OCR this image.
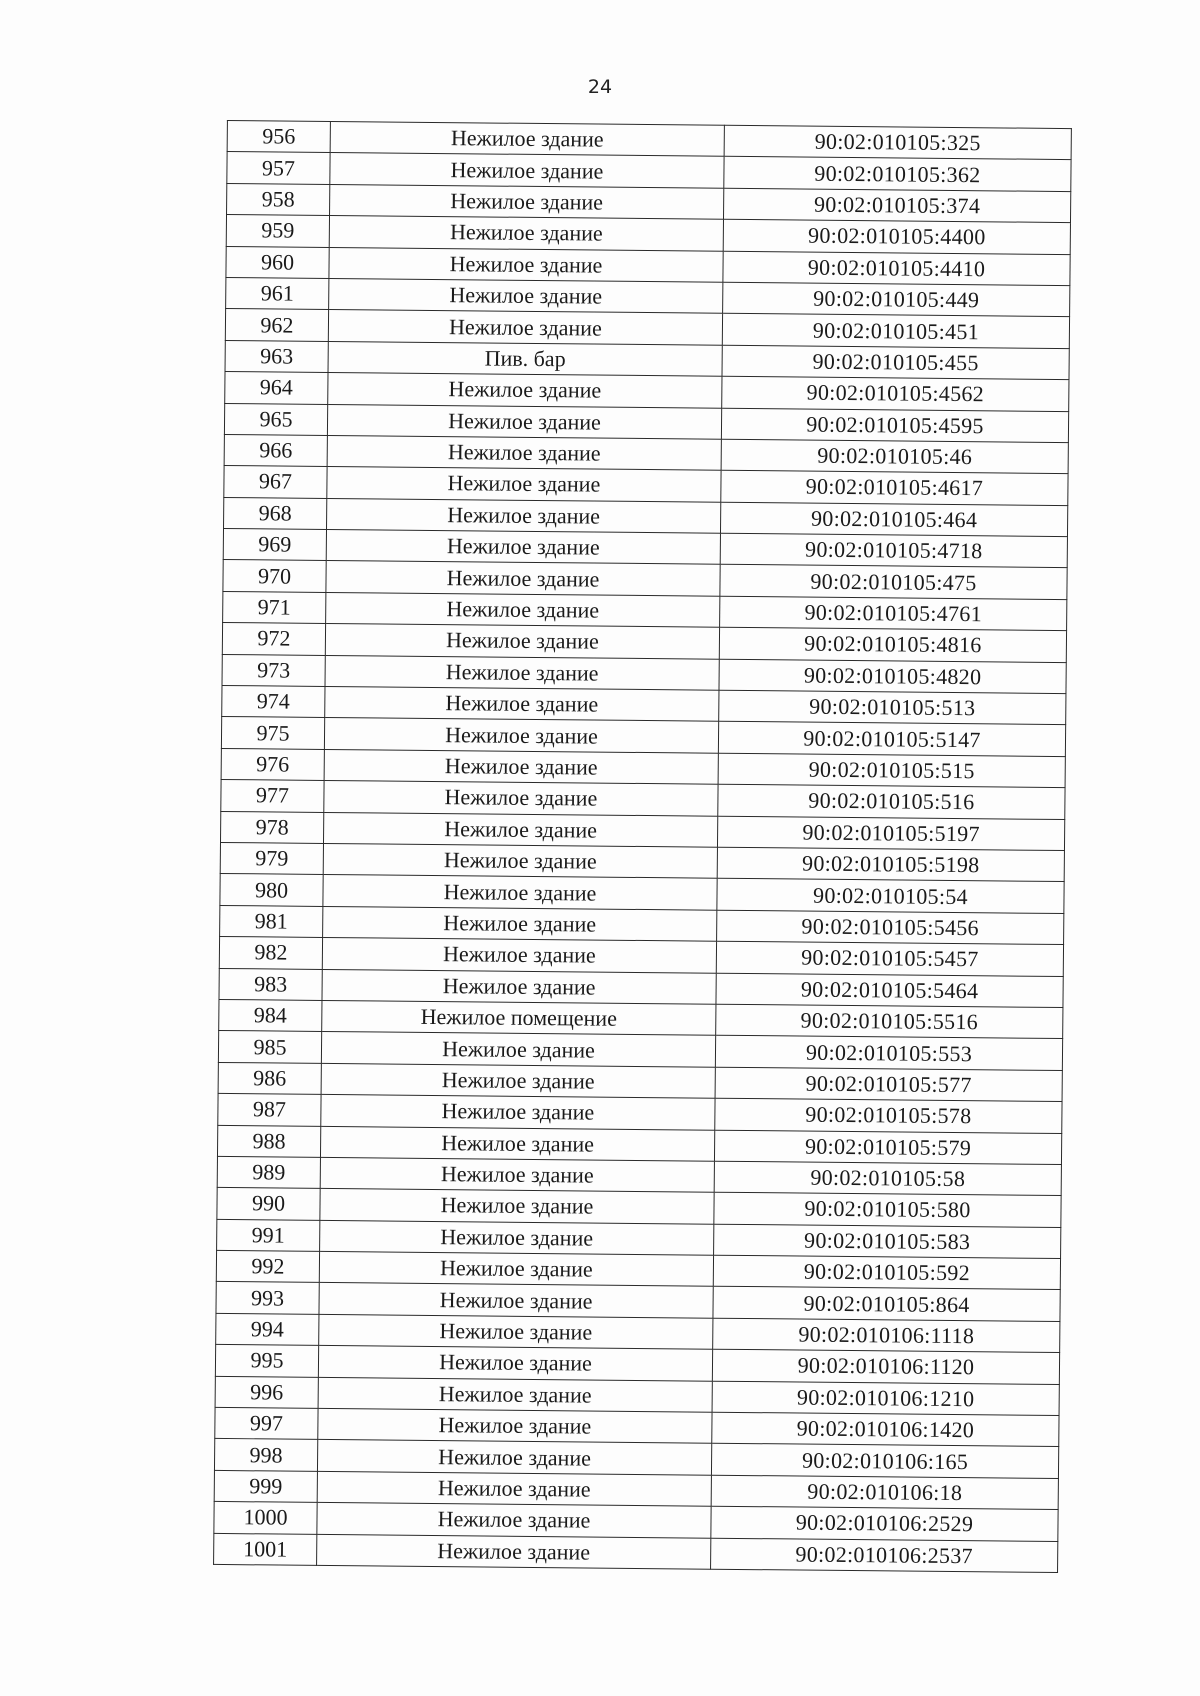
24
956	Нежилое здание	90:02:010105:325
957	Нежилое здание	90:02:010105:362
958	Нежилое здание	90:02:010105:374
959	Нежилое здание	90:02:010105:4400
960	Нежилое здание	90:02:010105:4410
961	Нежилое здание	90:02:010105:449
962	Нежилое здание	90:02:010105:451
963	Пив. бар	90:02:010105:455
964	Нежилое здание	90:02:010105:4562
965	Нежилое здание	90:02:010105:4595
966	Нежилое здание	90:02:010105:46
967	Нежилое здание	90:02:010105:4617
968	Нежилое здание	90:02:010105:464
969	Нежилое здание	90:02:010105:4718
970	Нежилое здание	90:02:010105:475
971	Нежилое здание	90:02:010105:4761
972	Нежилое здание	90:02:010105:4816
973	Нежилое здание	90:02:010105:4820
974	Нежилое здание	90:02:010105:513
975	Нежилое здание	90:02:010105:5147
976	Нежилое здание	90:02:010105:515
977	Нежилое здание	90:02:010105:516
978	Нежилое здание	90:02:010105:5197
979	Нежилое здание	90:02:010105:5198
980	Нежилое здание	90:02:010105:54
981	Нежилое здание	90:02:010105:5456
982	Нежилое здание	90:02:010105:5457
983	Нежилое здание	90:02:010105:5464
984	Нежилое помещение	90:02:010105:5516
985	Нежилое здание	90:02:010105:553
986	Нежилое здание	90:02:010105:577
987	Нежилое здание	90:02:010105:578
988	Нежилое здание	90:02:010105:579
989	Нежилое здание	90:02:010105:58
990	Нежилое здание	90:02:010105:580
991	Нежилое здание	90:02:010105:583
992	Нежилое здание	90:02:010105:592
993	Нежилое здание	90:02:010105:864
994	Нежилое здание	90:02:010106:1118
995	Нежилое здание	90:02:010106:1120
996	Нежилое здание	90:02:010106:1210
997	Нежилое здание	90:02:010106:1420
998	Нежилое здание	90:02:010106:165
999	Нежилое здание	90:02:010106:18
1000	Нежилое здание	90:02:010106:2529
1001	Нежилое здание	90:02:010106:2537
